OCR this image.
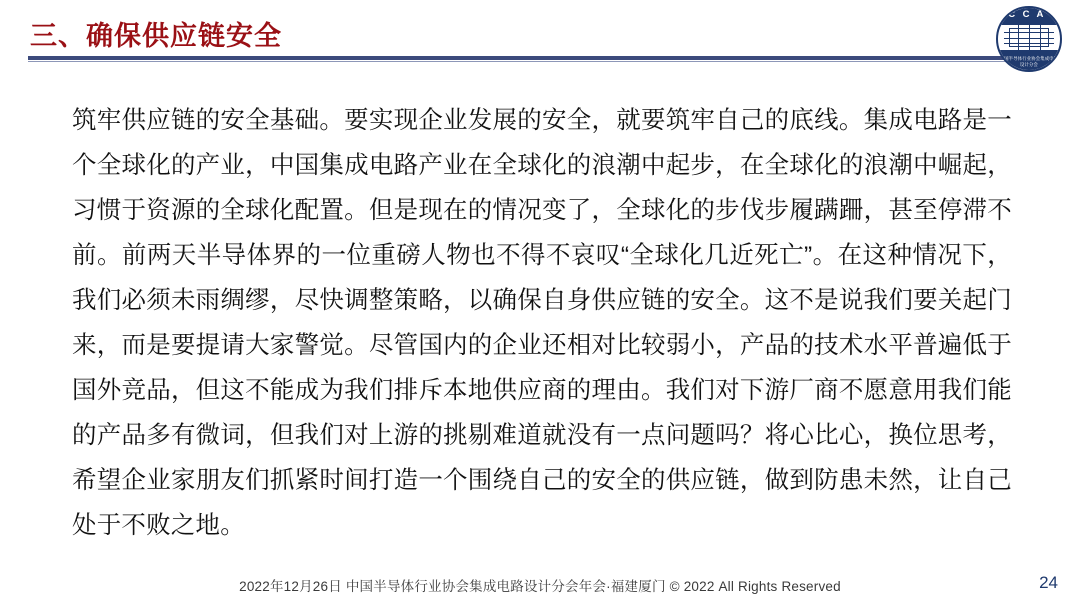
三、确保供应链安全
I C C A D
中国半导体行业协会集成电路设计分会
筑牢供应链的安全基础。要实现企业发展的安全，就要筑牢自己的底线。集成电路是一个全球化的产业，中国集成电路产业在全球化的浪潮中起步，在全球化的浪潮中崛起，习惯于资源的全球化配置。但是现在的情况变了，全球化的步伐步履蹒跚，甚至停滞不前。前两天半导体界的一位重磅人物也不得不哀叹“全球化几近死亡”。在这种情况下，我们必须未雨绸缪，尽快调整策略，以确保自身供应链的安全。这不是说我们要关起门来，而是要提请大家警觉。尽管国内的企业还相对比较弱小，产品的技术水平普遍低于国外竞品，但这不能成为我们排斥本地供应商的理由。我们对下游厂商不愿意用我们能的产品多有微词，但我们对上游的挑剔难道就没有一点问题吗？将心比心，换位思考，希望企业家朋友们抓紧时间打造一个围绕自己的安全的供应链，做到防患未然，让自己处于不败之地。
2022年12月26日 中国半导体行业协会集成电路设计分会年会·福建厦门 © 2022 All Rights Reserved	24
